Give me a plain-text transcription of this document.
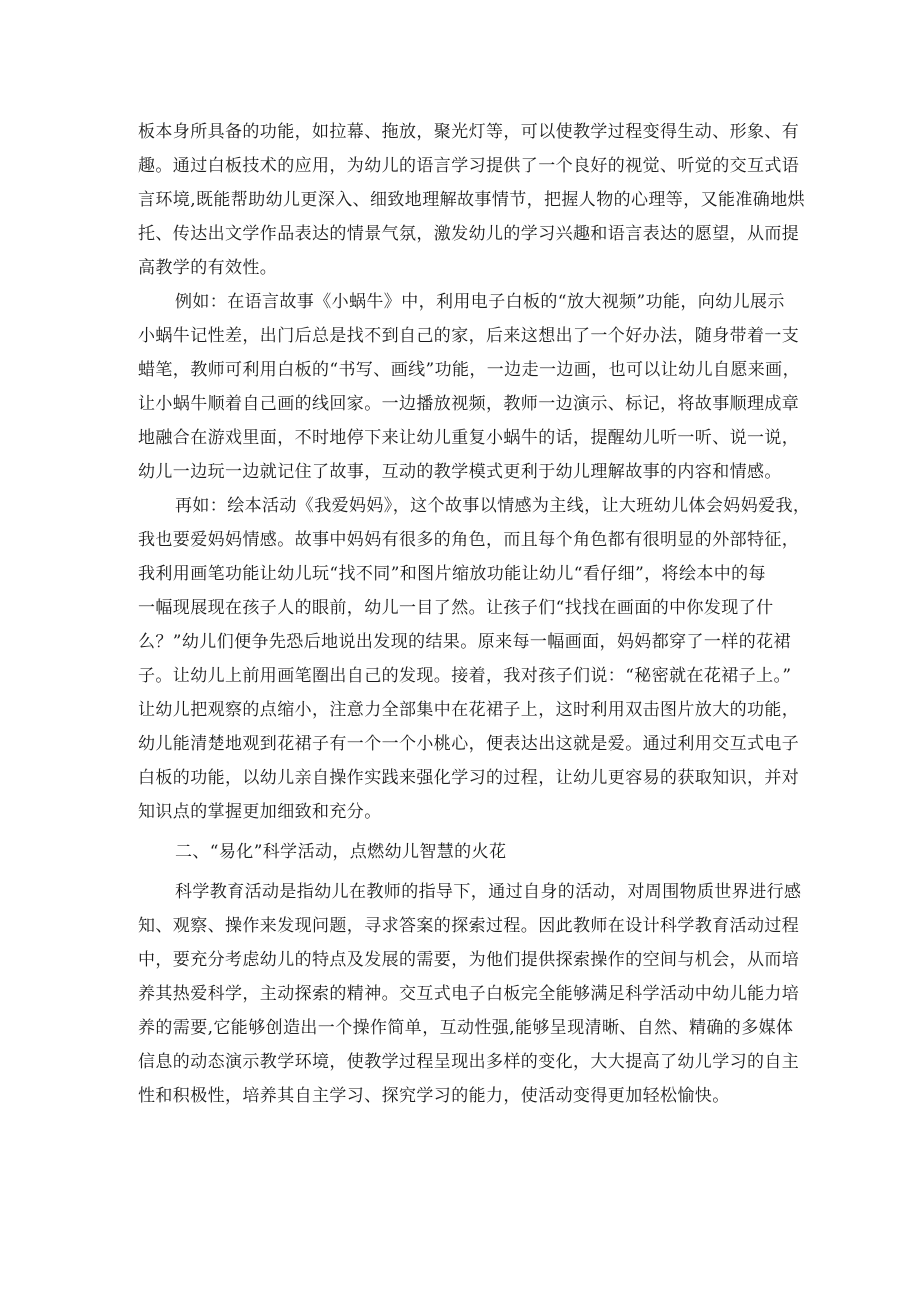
板本身所具备的功能，如拉幕、拖放，聚光灯等，可以使教学过程变得生动、形象、有
趣。通过白板技术的应用，为幼儿的语言学习提供了一个良好的视觉、听觉的交互式语
言环境,既能帮助幼儿更深入、细致地理解故事情节，把握人物的心理等，又能准确地烘
托、传达出文学作品表达的情景气氛，激发幼儿的学习兴趣和语言表达的愿望，从而提
高教学的有效性。
例如：在语言故事《小蜗牛》中，利用电子白板的“放大视频”功能，向幼儿展示
小蜗牛记性差，出门后总是找不到自己的家，后来这想出了一个好办法，随身带着一支
蜡笔，教师可利用白板的“书写、画线”功能，一边走一边画，也可以让幼儿自愿来画，
让小蜗牛顺着自己画的线回家。一边播放视频，教师一边演示、标记，将故事顺理成章
地融合在游戏里面，不时地停下来让幼儿重复小蜗牛的话，提醒幼儿听一听、说一说，
幼儿一边玩一边就记住了故事，互动的教学模式更利于幼儿理解故事的内容和情感。
再如：绘本活动《我爱妈妈》，这个故事以情感为主线，让大班幼儿体会妈妈爱我，
我也要爱妈妈情感。故事中妈妈有很多的角色，而且每个角色都有很明显的外部特征，
我利用画笔功能让幼儿玩“找不同”和图片缩放功能让幼儿“看仔细”，将绘本中的每
一幅现展现在孩子人的眼前，幼儿一目了然。让孩子们“找找在画面的中你发现了什
么？”幼儿们便争先恐后地说出发现的结果。原来每一幅画面，妈妈都穿了一样的花裙
子。让幼儿上前用画笔圈出自己的发现。接着，我对孩子们说：“秘密就在花裙子上。”
让幼儿把观察的点缩小，注意力全部集中在花裙子上，这时利用双击图片放大的功能，
幼儿能清楚地观到花裙子有一个一个小桃心，便表达出这就是爱。通过利用交互式电子
白板的功能，以幼儿亲自操作实践来强化学习的过程，让幼儿更容易的获取知识，并对
知识点的掌握更加细致和充分。
二、“易化”科学活动，点燃幼儿智慧的火花
科学教育活动是指幼儿在教师的指导下，通过自身的活动，对周围物质世界进行感
知、观察、操作来发现问题，寻求答案的探索过程。因此教师在设计科学教育活动过程
中，要充分考虑幼儿的特点及发展的需要，为他们提供探索操作的空间与机会，从而培
养其热爱科学，主动探索的精神。交互式电子白板完全能够满足科学活动中幼儿能力培
养的需要,它能够创造出一个操作简单，互动性强,能够呈现清晰、自然、精确的多媒体
信息的动态演示教学环境，使教学过程呈现出多样的变化，大大提高了幼儿学习的自主
性和积极性，培养其自主学习、探究学习的能力，使活动变得更加轻松愉快。
